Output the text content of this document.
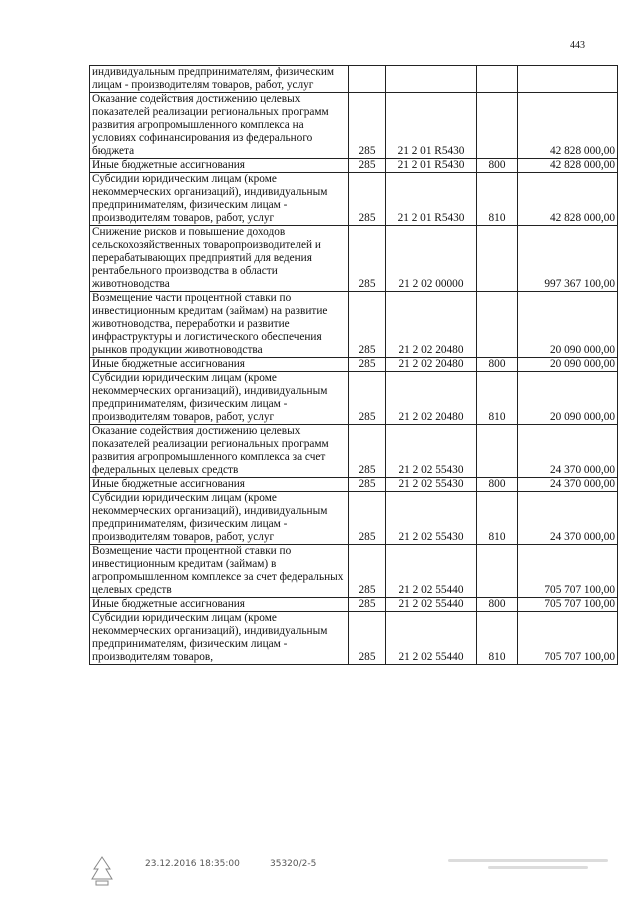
443
индивидуальным предпринимателям, физическим лицам - производителям товаров, работ, услуг				
Оказание содействия достижению целевых показателей реализации региональных программ развития агропромышленного комплекса на условиях софинансирования из федерального бюджета	285	21 2 01 R5430		42 828 000,00
Иные бюджетные ассигнования	285	21 2 01 R5430	800	42 828 000,00
Субсидии юридическим лицам (кроме некоммерческих организаций), индивидуальным предпринимателям, физическим лицам - производителям товаров, работ, услуг	285	21 2 01 R5430	810	42 828 000,00
Снижение рисков и повышение доходов сельскохозяйственных товаропроизводителей и перерабатывающих предприятий для ведения рентабельного производства в области животноводства	285	21 2 02 00000		997 367 100,00
Возмещение части процентной ставки по инвестиционным кредитам (займам) на развитие животноводства, переработки и развитие инфраструктуры и логистического обеспечения рынков продукции животноводства	285	21 2 02 20480		20 090 000,00
Иные бюджетные ассигнования	285	21 2 02 20480	800	20 090 000,00
Субсидии юридическим лицам (кроме некоммерческих организаций), индивидуальным предпринимателям, физическим лицам - производителям товаров, работ, услуг	285	21 2 02 20480	810	20 090 000,00
Оказание содействия достижению целевых показателей реализации региональных программ развития агропромышленного комплекса за счет федеральных целевых средств	285	21 2 02 55430		24 370 000,00
Иные бюджетные ассигнования	285	21 2 02 55430	800	24 370 000,00
Субсидии юридическим лицам (кроме некоммерческих организаций), индивидуальным предпринимателям, физическим лицам - производителям товаров, работ, услуг	285	21 2 02 55430	810	24 370 000,00
Возмещение части процентной ставки по инвестиционным кредитам (займам) в агропромышленном комплексе за счет федеральных целевых средств	285	21 2 02 55440		705 707 100,00
Иные бюджетные ассигнования	285	21 2 02 55440	800	705 707 100,00
Субсидии юридическим лицам (кроме некоммерческих организаций), индивидуальным предпринимателям, физическим лицам - производителям товаров,	285	21 2 02 55440	810	705 707 100,00
23.12.2016 18:35:00	35320/2-5
